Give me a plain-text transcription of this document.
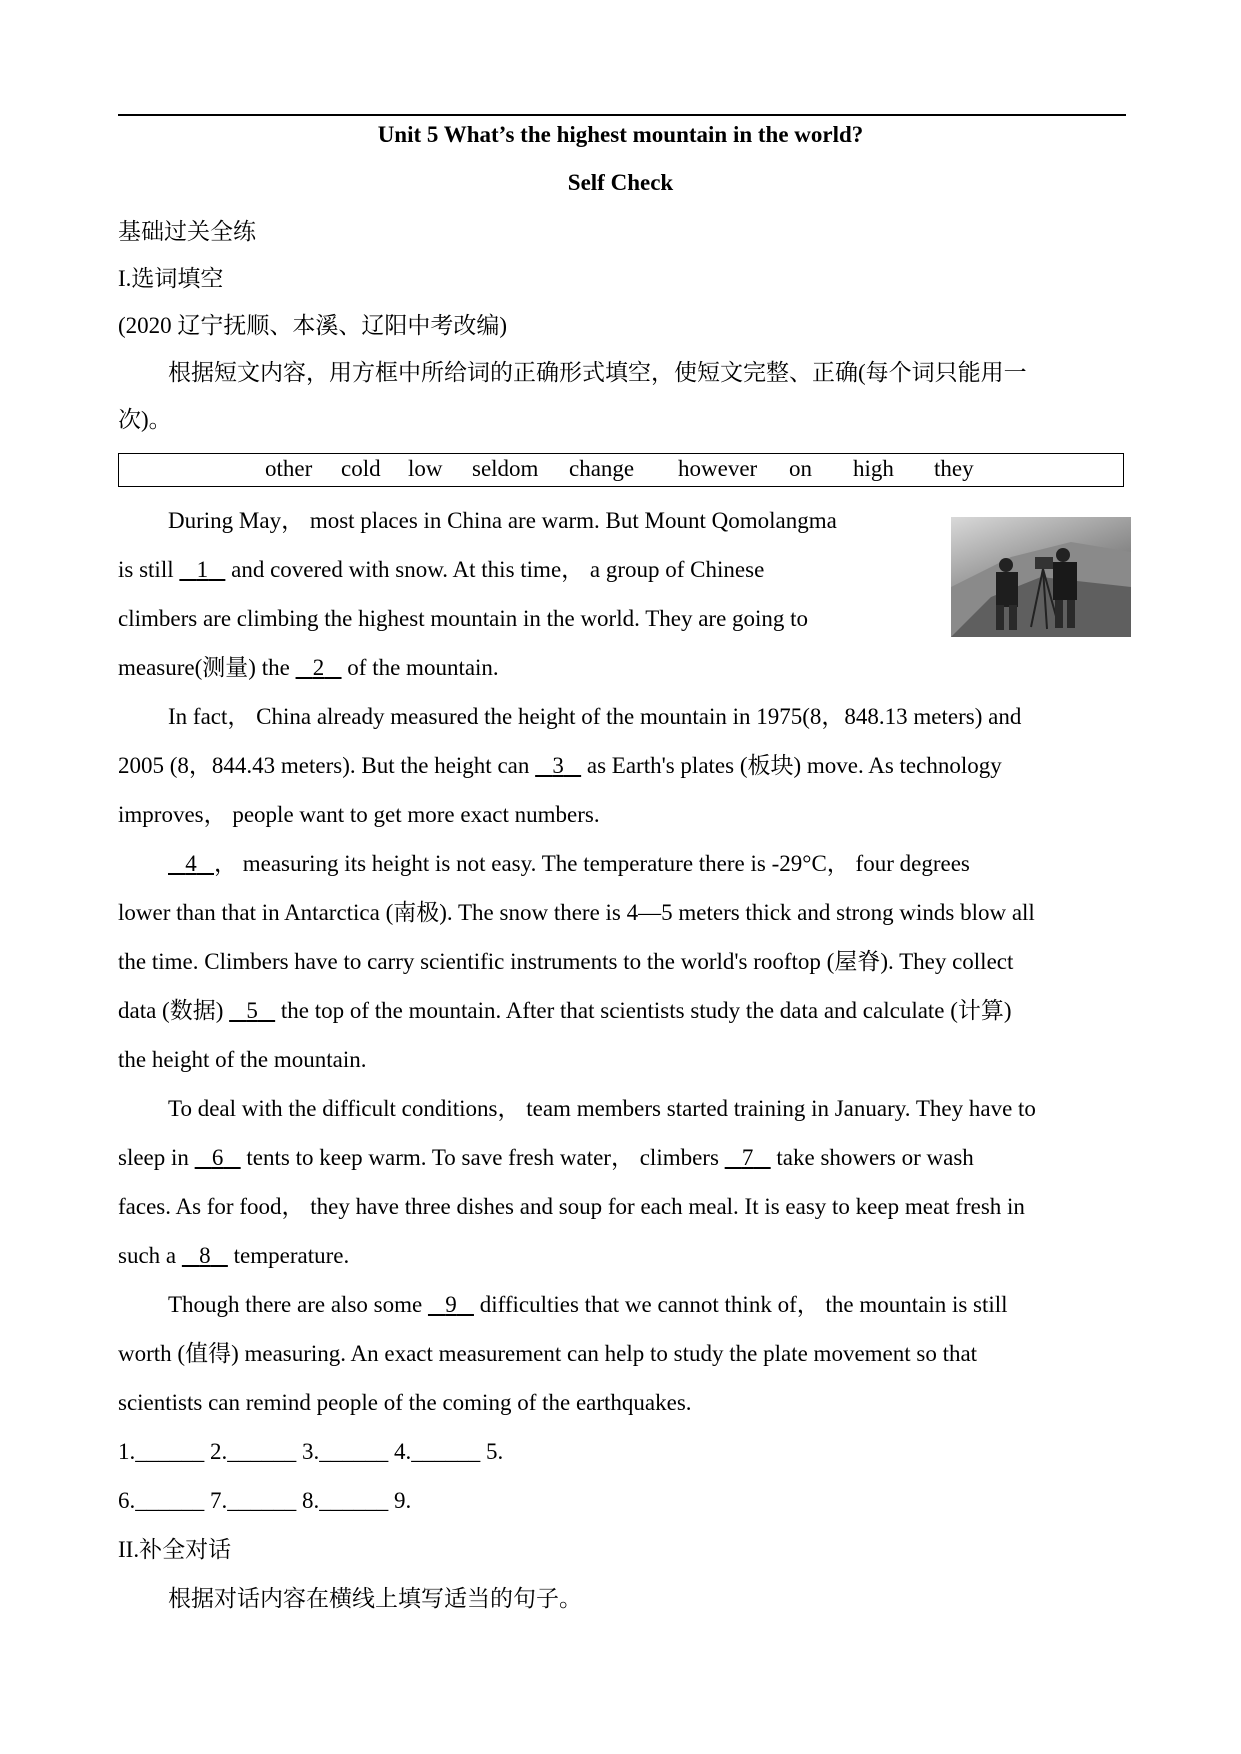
Unit 5 What’s the highest mountain in the world?
Self Check
基础过关全练
I.选词填空
(2020 辽宁抚顺、本溪、辽阳中考改编)
根据短文内容，用方框中所给词的正确形式填空，使短文完整、正确(每个词只能用一
次)。
other cold low seldom change however on high they
During May， most places in China are warm. But Mount Qomolangma
is still 1 and covered with snow. At this time， a group of Chinese
climbers are climbing the highest mountain in the world. They are going to
measure(测量) the 2 of the mountain.
In fact， China already measured the height of the mountain in 1975(8，848.13 meters) and
2005 (8，844.43 meters). But the height can 3 as Earth's plates (板块) move. As technology
improves， people want to get more exact numbers.
4 ， measuring its height is not easy. The temperature there is -29°C， four degrees
lower than that in Antarctica (南极). The snow there is 4—5 meters thick and strong winds blow all
the time. Climbers have to carry scientific instruments to the world's rooftop (屋脊). They collect
data (数据) 5 the top of the mountain. After that scientists study the data and calculate (计算)
the height of the mountain.
To deal with the difficult conditions， team members started training in January. They have to
sleep in 6 tents to keep warm. To save fresh water， climbers 7 take showers or wash
faces. As for food， they have three dishes and soup for each meal. It is easy to keep meat fresh in
such a 8 temperature.
Though there are also some 9 difficulties that we cannot think of， the mountain is still
worth (值得) measuring. An exact measurement can help to study the plate movement so that
scientists can remind people of the coming of the earthquakes.
1.______ 2.______ 3.______ 4.______ 5.
6.______ 7.______ 8.______ 9.
II.补全对话
根据对话内容在横线上填写适当的句子。
